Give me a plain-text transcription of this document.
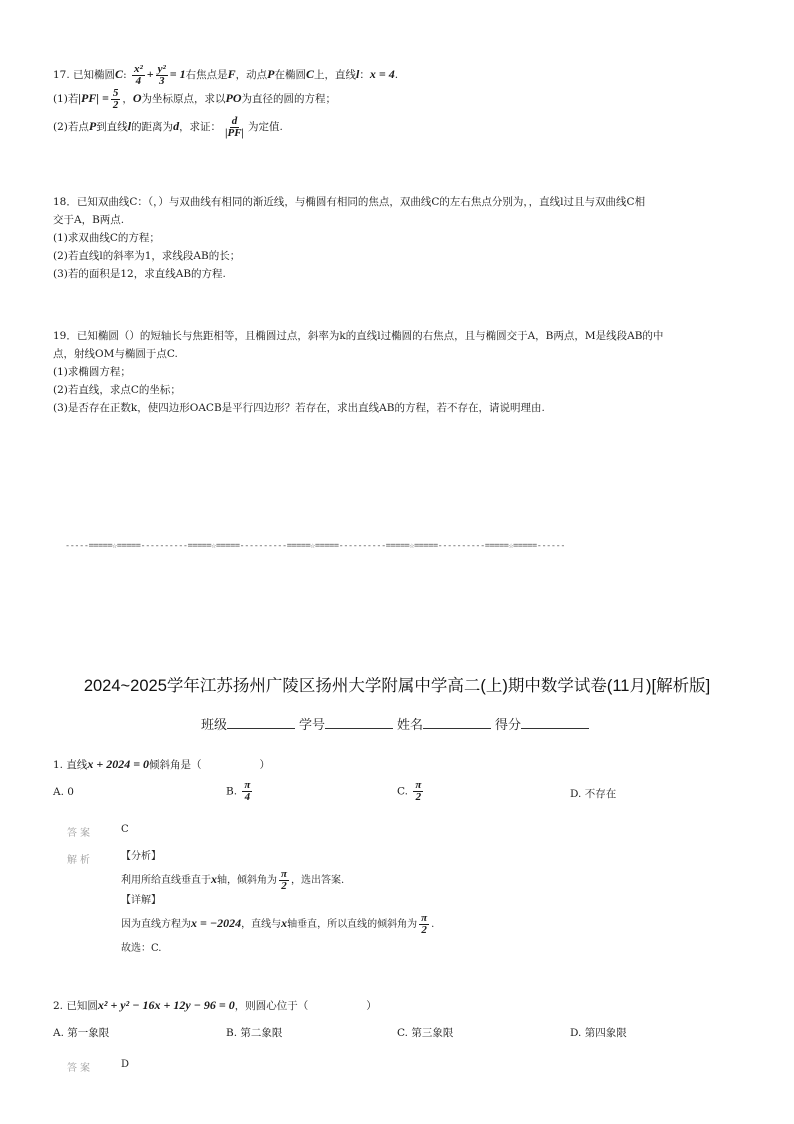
17. 已知椭圆C: $\frac{\text{x²}}{4} + \frac{\text{y²}}{3} = 1$右焦点是F，动点P在椭圆C上，直线l：x = 4.

(1)若$|PF| = \frac{5}{2}$ ，O为坐标原点，求以PO为直径的圆的方程；

(2)若点P到直线l的距离为d，求证： $\frac{d}{|PF|}$ 为定值.

18．已知双曲线C：（，）与双曲线有相同的渐近线，与椭圆有相同的焦点，双曲线C的左右焦点分别为，，直线l过且与双曲线C相

交于A，B两点.

(1)求双曲线C的方程；

(2)若直线l的斜率为1，求线段AB的长；

(3)若的面积是12，求直线AB的方程.

19．已知椭圆（）的短轴长与焦距相等，且椭圆过点，斜率为k的直线l过椭圆的右焦点，且与椭圆交于A，B两点，M是线段AB的中

点，射线OM与椭圆于点C.

(1)求椭圆方程；

(2)若直线，求点C的坐标；

(3)是否存在正数k，使四边形OACB是平行四边形？若存在，求出直线AB的方程，若不存在，请说明理由.

-----=====☆=====----------=====☆=====----------=====☆=====----------=====☆=====----------=====☆=====------
2024~2025学年江苏扬州广陵区扬州大学附属中学高二(上)期中数学试卷(11月)[解析版]
班级	学号	姓名	得分
1. 直线x + 2024 = 0倾斜角是（	）
A. 0	B. $\frac{\pi}{4}$	C. $\frac{\pi}{2}$	D. 不存在
答案	C
解析	【分析】

利用所给直线垂直于x轴，倾斜角为 $\frac{\pi}{2}$ ，选出答案.

【详解】

因为直线方程为x = −2024，直线与x轴垂直，所以直线的倾斜角为 $\frac{\pi}{2}$ .

故选：C.

2. 已知圆x² + y² − 16x + 12y − 96 = 0，则圆心位于（	）
A. 第一象限	B. 第二象限	C. 第三象限	D. 第四象限
答案	D
